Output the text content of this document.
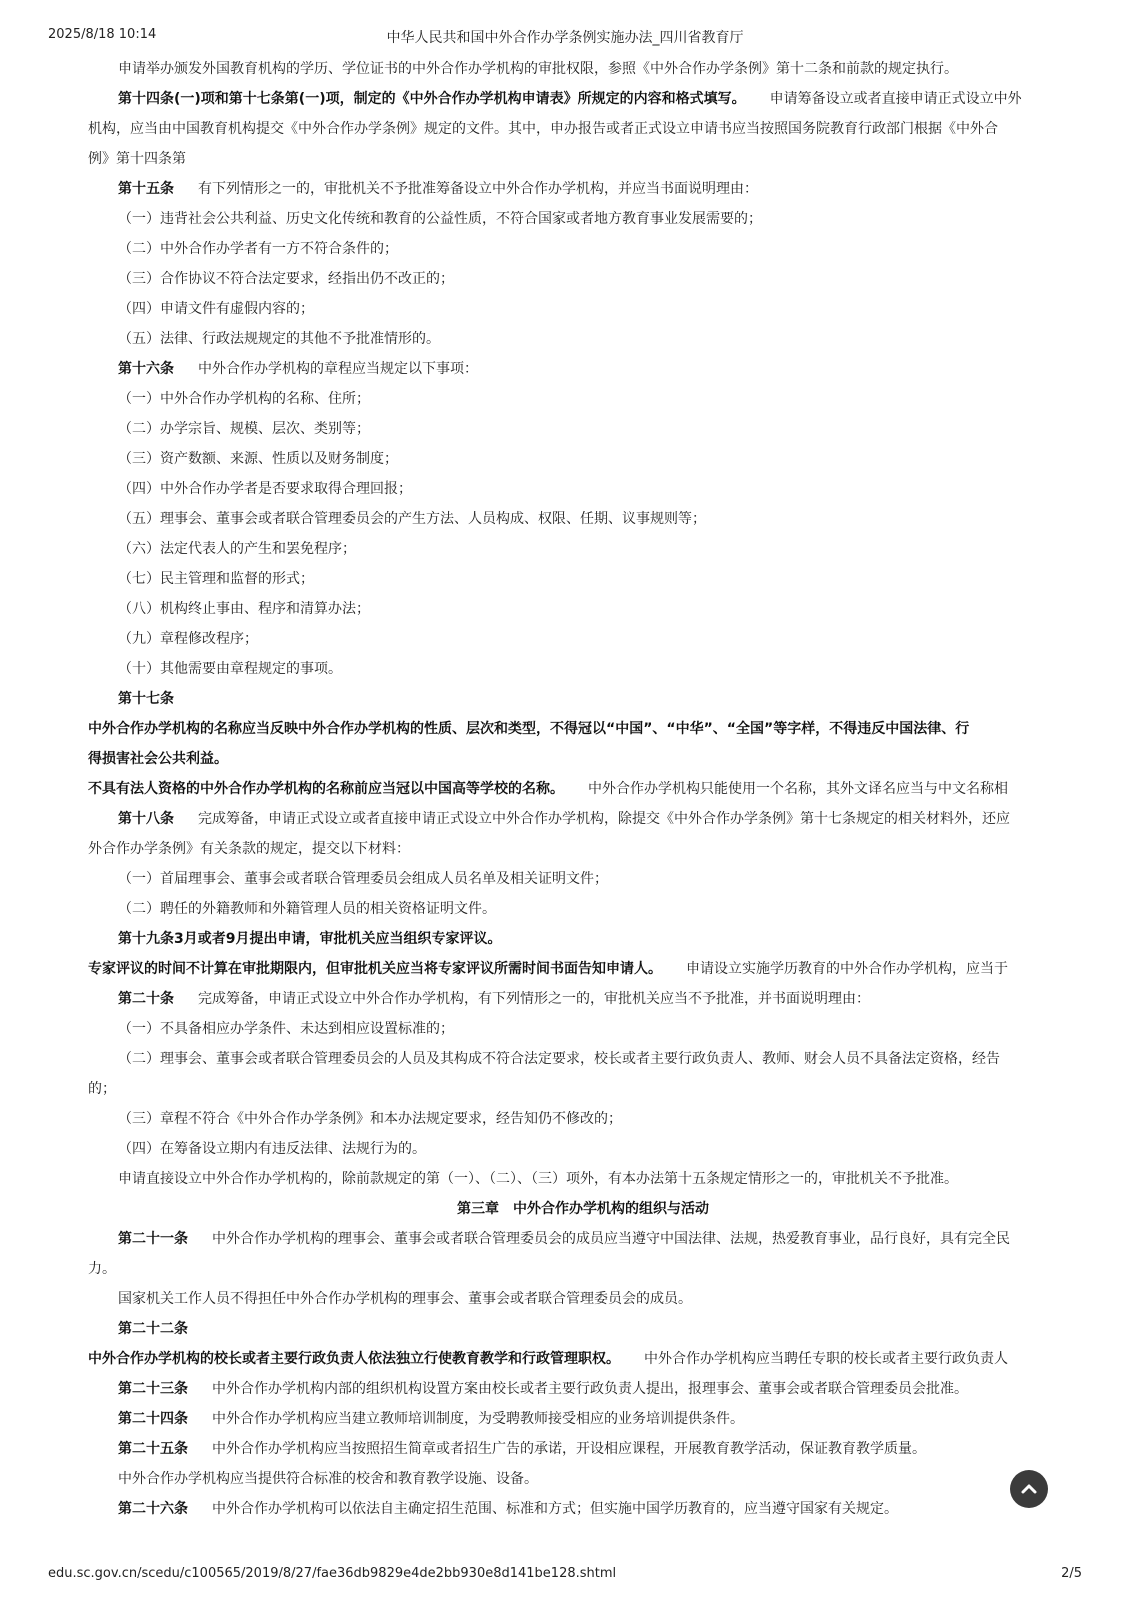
2025/8/18 10:14	中华人民共和国中外合作办学条例实施办法_四川省教育厅
申请举办颁发外国教育机构的学历、学位证书的中外合作办学机构的审批权限，参照《中外合作办学条例》第十二条和前款的规定执行。
第十四条(一)项和第十七条第(一)项，制定的《中外合作办学机构申请表》所规定的内容和格式填写。 申请筹备设立或者直接申请正式设立中外
机构，应当由中国教育机构提交《中外合作办学条例》规定的文件。其中，申办报告或者正式设立申请书应当按照国务院教育行政部门根据《中外合
例》第十四条第
第十五条 有下列情形之一的，审批机关不予批准筹备设立中外合作办学机构，并应当书面说明理由：
（一）违背社会公共利益、历史文化传统和教育的公益性质，不符合国家或者地方教育事业发展需要的；
（二）中外合作办学者有一方不符合条件的；
（三）合作协议不符合法定要求，经指出仍不改正的；
（四）申请文件有虚假内容的；
（五）法律、行政法规规定的其他不予批准情形的。
第十六条 中外合作办学机构的章程应当规定以下事项：
（一）中外合作办学机构的名称、住所；
（二）办学宗旨、规模、层次、类别等；
（三）资产数额、来源、性质以及财务制度；
（四）中外合作办学者是否要求取得合理回报；
（五）理事会、董事会或者联合管理委员会的产生方法、人员构成、权限、任期、议事规则等；
（六）法定代表人的产生和罢免程序；
（七）民主管理和监督的形式；
（八）机构终止事由、程序和清算办法；
（九）章程修改程序；
（十）其他需要由章程规定的事项。
第十七条
中外合作办学机构的名称应当反映中外合作办学机构的性质、层次和类型，不得冠以“中国”、“中华”、“全国”等字样，不得违反中国法律、行
得损害社会公共利益。
不具有法人资格的中外合作办学机构的名称前应当冠以中国高等学校的名称。 中外合作办学机构只能使用一个名称，其外文译名应当与中文名称相
第十八条 完成筹备，申请正式设立或者直接申请正式设立中外合作办学机构，除提交《中外合作办学条例》第十七条规定的相关材料外，还应
外合作办学条例》有关条款的规定，提交以下材料：
（一）首届理事会、董事会或者联合管理委员会组成人员名单及相关证明文件；
（二）聘任的外籍教师和外籍管理人员的相关资格证明文件。
第十九条3月或者9月提出申请，审批机关应当组织专家评议。
专家评议的时间不计算在审批期限内，但审批机关应当将专家评议所需时间书面告知申请人。 申请设立实施学历教育的中外合作办学机构，应当于
第二十条 完成筹备，申请正式设立中外合作办学机构，有下列情形之一的，审批机关应当不予批准，并书面说明理由：
（一）不具备相应办学条件、未达到相应设置标准的；
（二）理事会、董事会或者联合管理委员会的人员及其构成不符合法定要求，校长或者主要行政负责人、教师、财会人员不具备法定资格，经告
的；
（三）章程不符合《中外合作办学条例》和本办法规定要求，经告知仍不修改的；
（四）在筹备设立期内有违反法律、法规行为的。
申请直接设立中外合作办学机构的，除前款规定的第（一）、（二）、（三）项外，有本办法第十五条规定情形之一的，审批机关不予批准。
第三章　中外合作办学机构的组织与活动
第二十一条 中外合作办学机构的理事会、董事会或者联合管理委员会的成员应当遵守中国法律、法规，热爱教育事业，品行良好，具有完全民
力。
国家机关工作人员不得担任中外合作办学机构的理事会、董事会或者联合管理委员会的成员。
第二十二条
中外合作办学机构的校长或者主要行政负责人依法独立行使教育教学和行政管理职权。 中外合作办学机构应当聘任专职的校长或者主要行政负责人
第二十三条 中外合作办学机构内部的组织机构设置方案由校长或者主要行政负责人提出，报理事会、董事会或者联合管理委员会批准。
第二十四条 中外合作办学机构应当建立教师培训制度，为受聘教师接受相应的业务培训提供条件。
第二十五条 中外合作办学机构应当按照招生简章或者招生广告的承诺，开设相应课程，开展教育教学活动，保证教育教学质量。
中外合作办学机构应当提供符合标准的校舍和教育教学设施、设备。
第二十六条 中外合作办学机构可以依法自主确定招生范围、标准和方式；但实施中国学历教育的，应当遵守国家有关规定。
edu.sc.gov.cn/scedu/c100565/2019/8/27/fae36db9829e4de2bb930e8d141be128.shtml	2/5
